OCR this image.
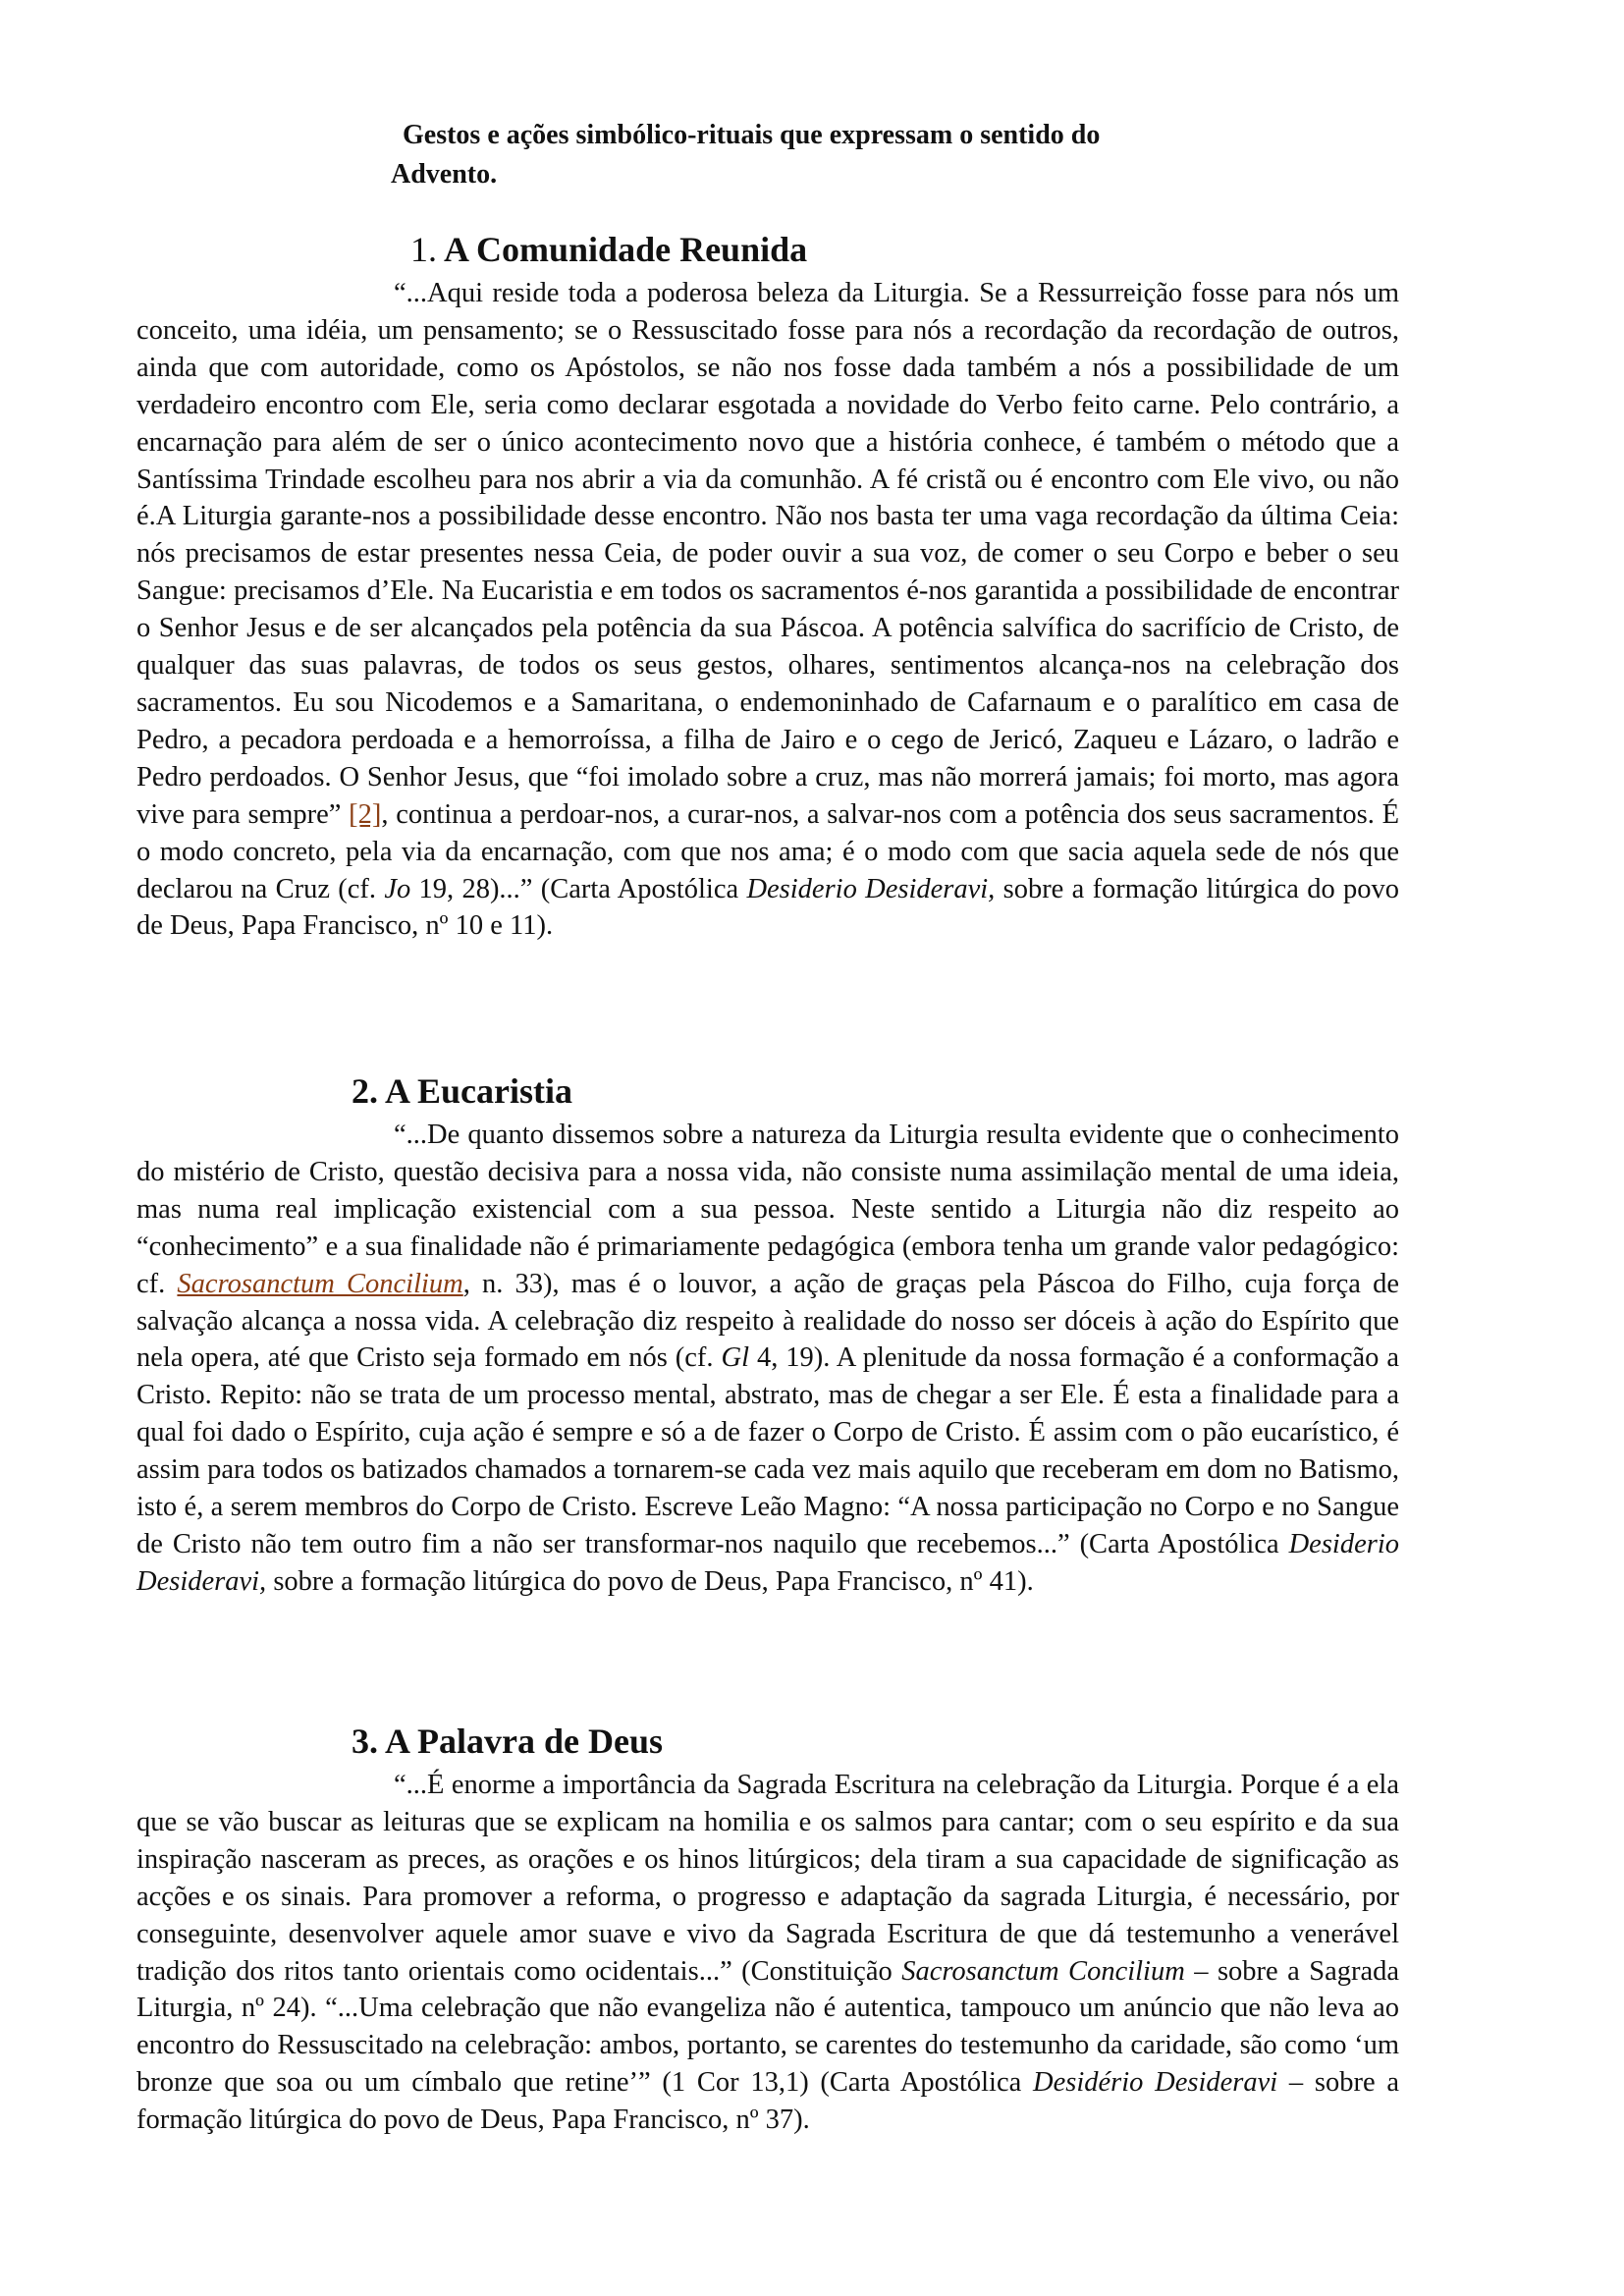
Gestos e ações simbólico-rituais que expressam o sentido do
Advento.
1. A Comunidade Reunida

“...Aqui reside toda a poderosa beleza da Liturgia. Se a Ressurreição fosse para nós um conceito, uma idéia, um pensamento; se o Ressuscitado fosse para nós a recordação da recordação de outros, ainda que com autoridade, como os Apóstolos, se não nos fosse dada também a nós a possibilidade de um verdadeiro encontro com Ele, seria como declarar esgotada a novidade do Verbo feito carne. Pelo contrário, a encarnação para além de ser o único acontecimento novo que a história conhece, é também o método que a Santíssima Trindade escolheu para nos abrir a via da comunhão. A fé cristã ou é encontro com Ele vivo, ou não é.A Liturgia garante-nos a possibilidade desse encontro. Não nos basta ter uma vaga recordação da última Ceia: nós precisamos de estar presentes nessa Ceia, de poder ouvir a sua voz, de comer o seu Corpo e beber o seu Sangue: precisamos d’Ele. Na Eucaristia e em todos os sacramentos é-nos garantida a possibilidade de encontrar o Senhor Jesus e de ser alcançados pela potência da sua Páscoa. A potência salvífica do sacrifício de Cristo, de qualquer das suas palavras, de todos os seus gestos, olhares, sentimentos alcança-nos na celebração dos sacramentos. Eu sou Nicodemos e a Samaritana, o endemoninhado de Cafarnaum e o paralítico em casa de Pedro, a pecadora perdoada e a hemorroíssa, a filha de Jairo e o cego de Jericó, Zaqueu e Lázaro, o ladrão e Pedro perdoados. O Senhor Jesus, que “foi imolado sobre a cruz, mas não morrerá jamais; foi morto, mas agora vive para sempre” [2], continua a perdoar-nos, a curar-nos, a salvar-nos com a potência dos seus sacramentos. É o modo concreto, pela via da encarnação, com que nos ama; é o modo com que sacia aquela sede de nós que declarou na Cruz (cf. Jo 19, 28)...” (Carta Apostólica Desiderio Desideravi, sobre a formação litúrgica do povo de Deus, Papa Francisco, nº 10 e 11).

2. A Eucaristia

“...De quanto dissemos sobre a natureza da Liturgia resulta evidente que o conhecimento do mistério de Cristo, questão decisiva para a nossa vida, não consiste numa assimilação mental de uma ideia, mas numa real implicação existencial com a sua pessoa. Neste sentido a Liturgia não diz respeito ao “conhecimento” e a sua finalidade não é primariamente pedagógica (embora tenha um grande valor pedagógico: cf. Sacrosanctum Concilium, n. 33), mas é o louvor, a ação de graças pela Páscoa do Filho, cuja força de salvação alcança a nossa vida. A celebração diz respeito à realidade do nosso ser dóceis à ação do Espírito que nela opera, até que Cristo seja formado em nós (cf. Gl 4, 19). A plenitude da nossa formação é a conformação a Cristo. Repito: não se trata de um processo mental, abstrato, mas de chegar a ser Ele. É esta a finalidade para a qual foi dado o Espírito, cuja ação é sempre e só a de fazer o Corpo de Cristo. É assim com o pão eucarístico, é assim para todos os batizados chamados a tornarem-se cada vez mais aquilo que receberam em dom no Batismo, isto é, a serem membros do Corpo de Cristo. Escreve Leão Magno: “A nossa participação no Corpo e no Sangue de Cristo não tem outro fim a não ser transformar-nos naquilo que recebemos...” (Carta Apostólica Desiderio Desideravi, sobre a formação litúrgica do povo de Deus, Papa Francisco, nº 41).

3. A Palavra de Deus

“...É enorme a importância da Sagrada Escritura na celebração da Liturgia. Porque é a ela que se vão buscar as leituras que se explicam na homilia e os salmos para cantar; com o seu espírito e da sua inspiração nasceram as preces, as orações e os hinos litúrgicos; dela tiram a sua capacidade de significação as acções e os sinais. Para promover a reforma, o progresso e adaptação da sagrada Liturgia, é necessário, por conseguinte, desenvolver aquele amor suave e vivo da Sagrada Escritura de que dá testemunho a venerável tradição dos ritos tanto orientais como ocidentais...” (Constituição Sacrosanctum Concilium – sobre a Sagrada Liturgia, nº 24). “...Uma celebração que não evangeliza não é autentica, tampouco um anúncio que não leva ao encontro do Ressuscitado na celebração: ambos, portanto, se carentes do testemunho da caridade, são como ‘um bronze que soa ou um címbalo que retine’” (1 Cor 13,1) (Carta Apostólica Desidério Desideravi – sobre a formação litúrgica do povo de Deus, Papa Francisco, nº 37).
